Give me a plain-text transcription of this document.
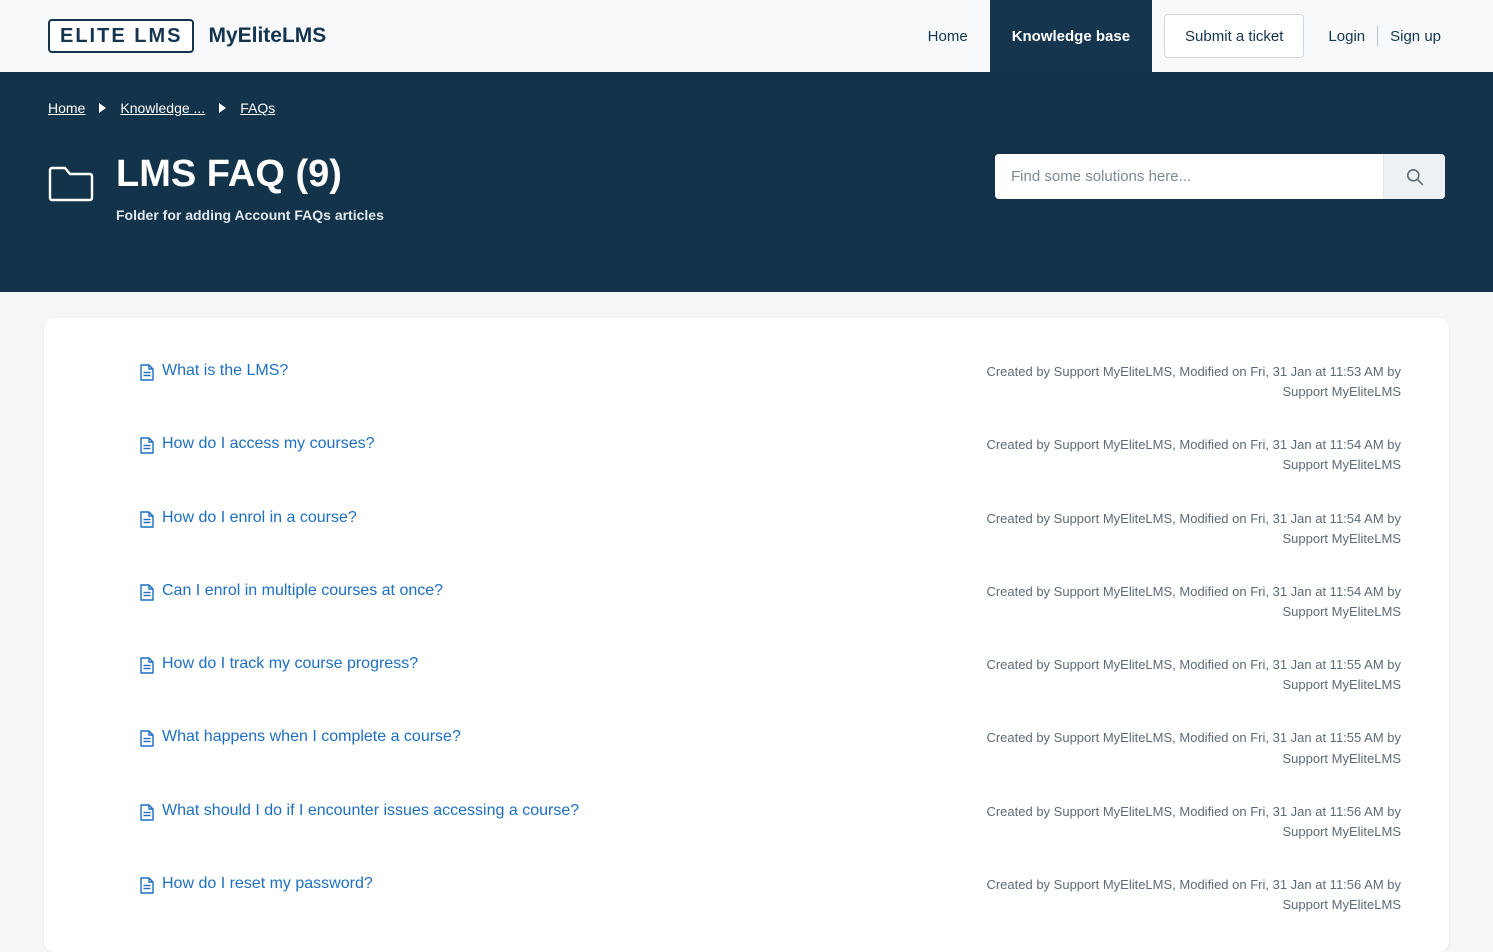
ELITE LMS MyEliteLMS	Home	Knowledge base	Submit a ticket	Login	Sign up
Home	Knowledge ...	FAQs
Find some solutions here...
LMS FAQ (9)
Folder for adding Account FAQs articles
What is the LMS?	Created by Support MyEliteLMS, Modified on Fri, 31 Jan at 11:53 AM by Support MyEliteLMS
How do I access my courses?	Created by Support MyEliteLMS, Modified on Fri, 31 Jan at 11:54 AM by Support MyEliteLMS
How do I enrol in a course?	Created by Support MyEliteLMS, Modified on Fri, 31 Jan at 11:54 AM by Support MyEliteLMS
Can I enrol in multiple courses at once?	Created by Support MyEliteLMS, Modified on Fri, 31 Jan at 11:54 AM by Support MyEliteLMS
How do I track my course progress?	Created by Support MyEliteLMS, Modified on Fri, 31 Jan at 11:55 AM by Support MyEliteLMS
What happens when I complete a course?	Created by Support MyEliteLMS, Modified on Fri, 31 Jan at 11:55 AM by Support MyEliteLMS
What should I do if I encounter issues accessing a course?	Created by Support MyEliteLMS, Modified on Fri, 31 Jan at 11:56 AM by Support MyEliteLMS
How do I reset my password?	Created by Support MyEliteLMS, Modified on Fri, 31 Jan at 11:56 AM by Support MyEliteLMS
